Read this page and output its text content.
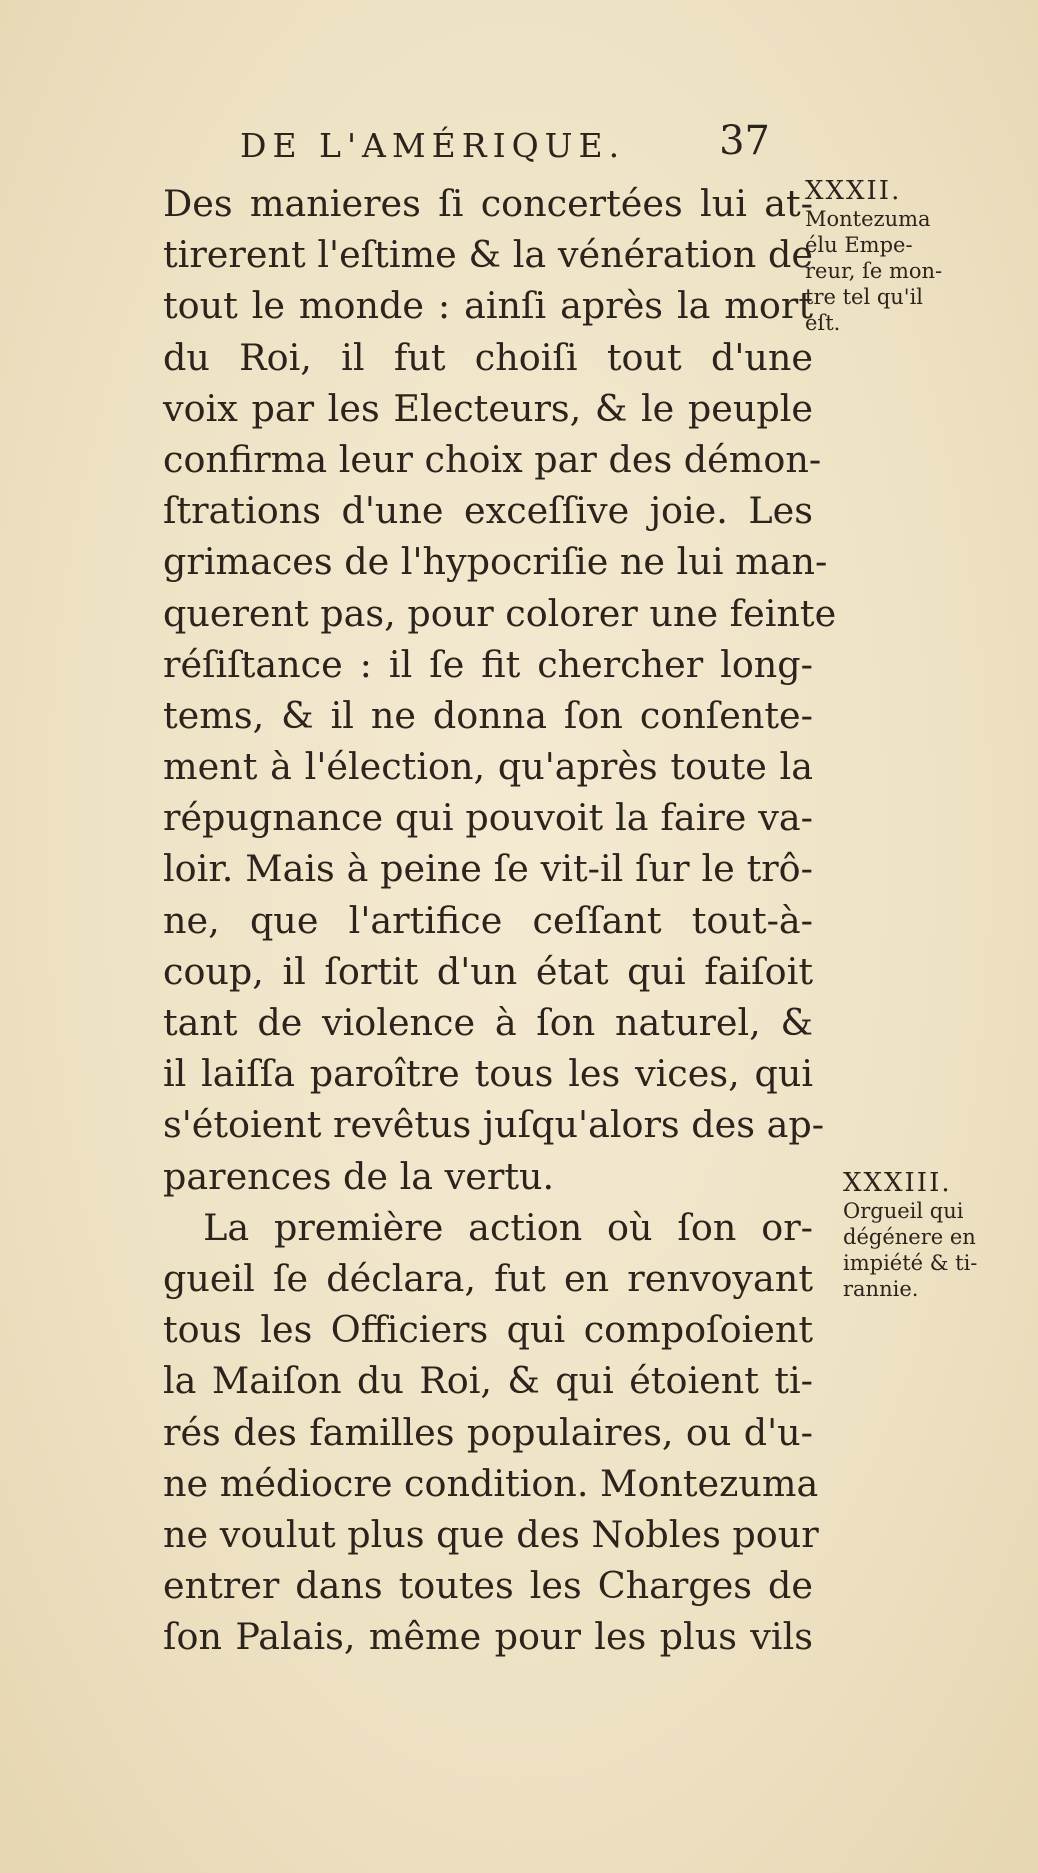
DE L'AMÉRIQUE. 37
Des manieres ſi concertées lui at-
tirerent l'eſtime & la vénération de
tout le monde : ainſi après la mort
du Roi, il fut choiſi tout d'une
voix par les Electeurs, & le peuple
confirma leur choix par des démon-
ſtrations d'une exceſſive joie. Les
grimaces de l'hypocriſie ne lui man-
querent pas, pour colorer une feinte
réſiſtance : il ſe fit chercher long-
tems, & il ne donna ſon conſente-
ment à l'élection, qu'après toute la
répugnance qui pouvoit la faire va-
loir. Mais à peine ſe vit-il ſur le trô-
ne, que l'artifice ceſſant tout-à-
coup, il ſortit d'un état qui faiſoit
tant de violence à ſon naturel, &
il laiſſa paroître tous les vices, qui
s'étoient revêtus juſqu'alors des ap-
parences de la vertu.
La première action où ſon or-
gueil ſe déclara, fut en renvoyant
tous les Officiers qui compoſoient
la Maiſon du Roi, & qui étoient ti-
rés des familles populaires, ou d'u-
ne médiocre condition. Montezuma
ne voulut plus que des Nobles pour
entrer dans toutes les Charges de
ſon Palais, même pour les plus vils
XXXII.
Montezuma
élu Empe-
reur, ſe mon-
tre tel qu'il
eſt.
XXXIII.
Orgueil qui
dégénere en
impiété & ti-
rannie.
